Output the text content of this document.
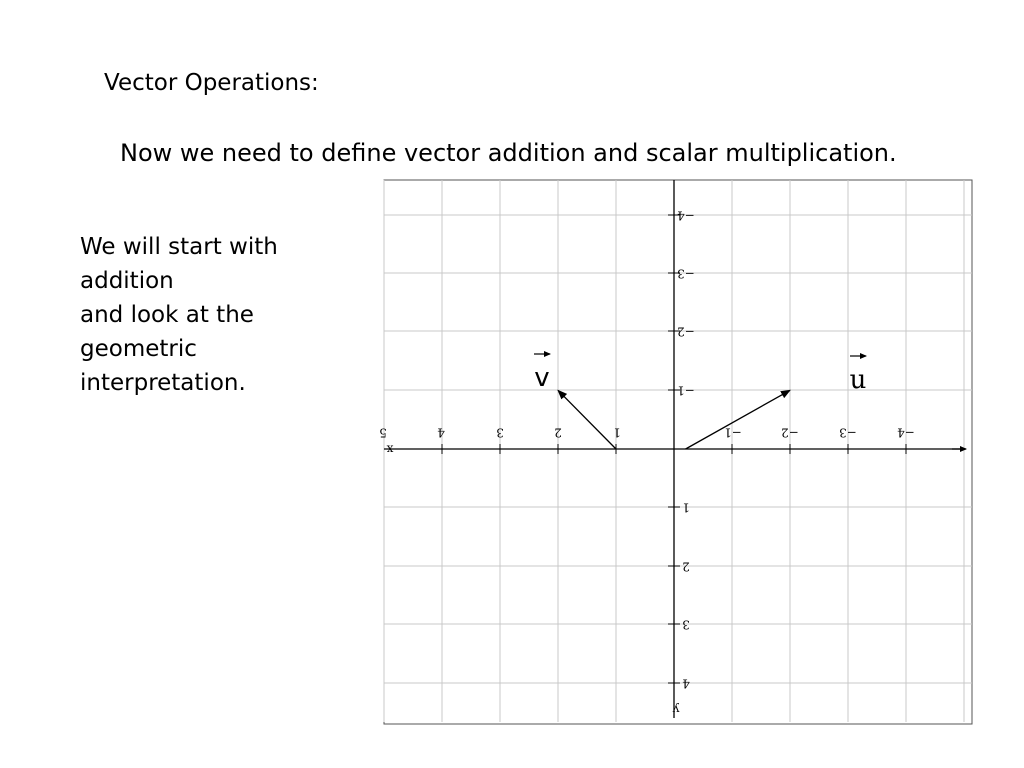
Vector Operations:
Now we need to define vector addition and scalar multiplication.
We will start with
addition
and look at the
geometric
interpretation.
5	4	3	2	1	−1	−2	−3	−4
−4
−3
−2
−1
1
2
3
4
x
y
v	u
